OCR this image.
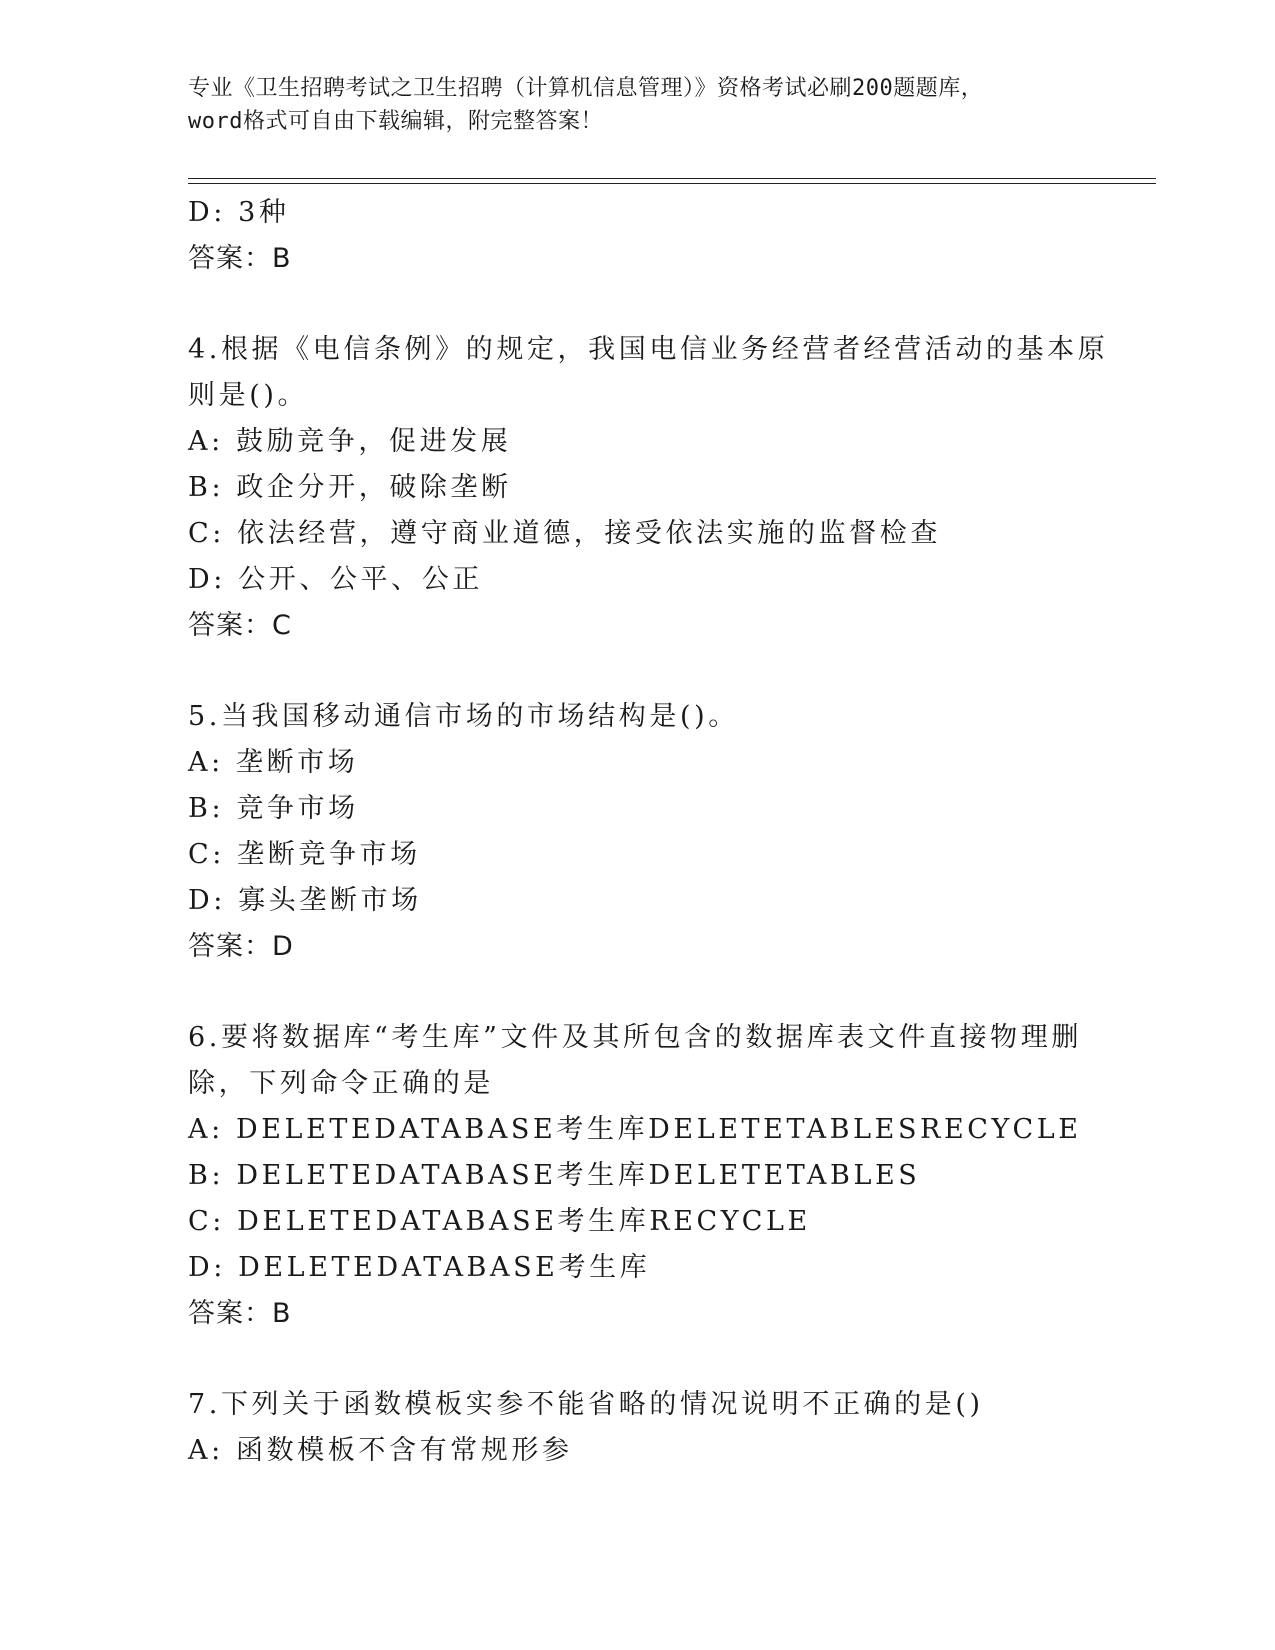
专业《卫生招聘考试之卫生招聘（计算机信息管理）》资格考试必刷200题题库，
word格式可自由下载编辑，附完整答案！
D: 3种
答案：B
4.根据《电信条例》的规定，我国电信业务经营者经营活动的基本原
则是()。
A: 鼓励竞争，促进发展
B: 政企分开，破除垄断
C: 依法经营，遵守商业道德，接受依法实施的监督检查
D: 公开、公平、公正
答案：C
5.当我国移动通信市场的市场结构是()。
A: 垄断市场
B: 竞争市场
C: 垄断竞争市场
D: 寡头垄断市场
答案：D
6.要将数据库“考生库”文件及其所包含的数据库表文件直接物理删
除，下列命令正确的是
A: DELETEDATABASE考生库DELETETABLESRECYCLE
B: DELETEDATABASE考生库DELETETABLES
C: DELETEDATABASE考生库RECYCLE
D: DELETEDATABASE考生库
答案：B
7.下列关于函数模板实参不能省略的情况说明不正确的是()
A: 函数模板不含有常规形参
